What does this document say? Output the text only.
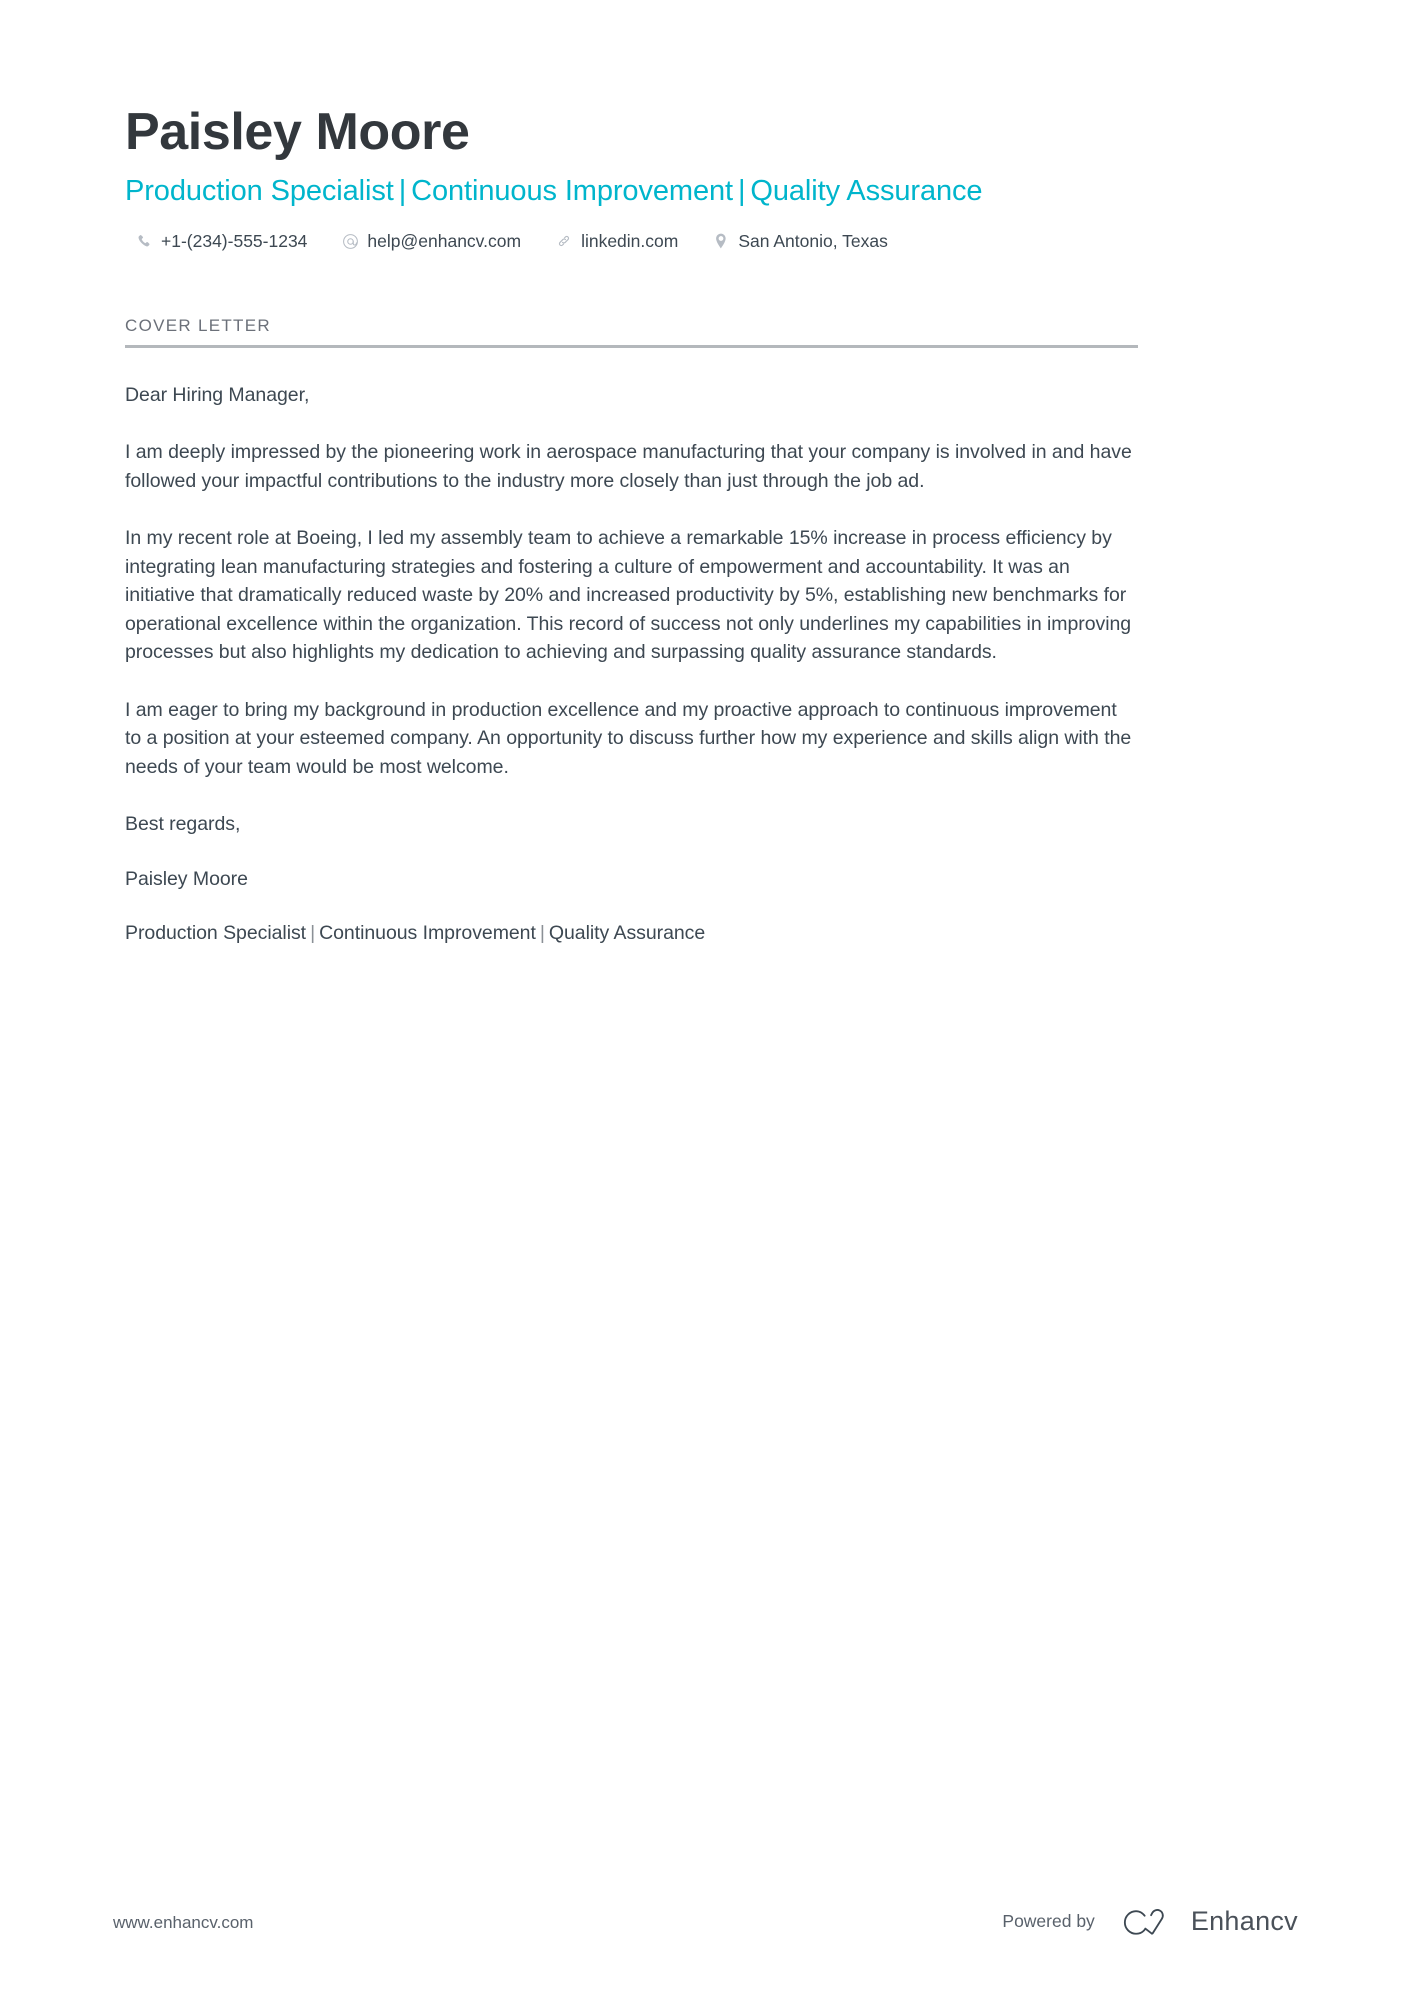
Paisley Moore
Production Specialist | Continuous Improvement | Quality Assurance
+1-(234)-555-1234	help@enhancv.com	linkedin.com	San Antonio, Texas
COVER LETTER

Dear Hiring Manager,

I am deeply impressed by the pioneering work in aerospace manufacturing that your company is involved in and have followed your impactful contributions to the industry more closely than just through the job ad.

In my recent role at Boeing, I led my assembly team to achieve a remarkable 15% increase in process efficiency by integrating lean manufacturing strategies and fostering a culture of empowerment and accountability. It was an initiative that dramatically reduced waste by 20% and increased productivity by 5%, establishing new benchmarks for operational excellence within the organization. This record of success not only underlines my capabilities in improving processes but also highlights my dedication to achieving and surpassing quality assurance standards.

I am eager to bring my background in production excellence and my proactive approach to continuous improvement to a position at your esteemed company. An opportunity to discuss further how my experience and skills align with the needs of your team would be most welcome.

Best regards,

Paisley Moore

Production Specialist | Continuous Improvement | Quality Assurance

www.enhancv.com	Powered by	Enhancv
